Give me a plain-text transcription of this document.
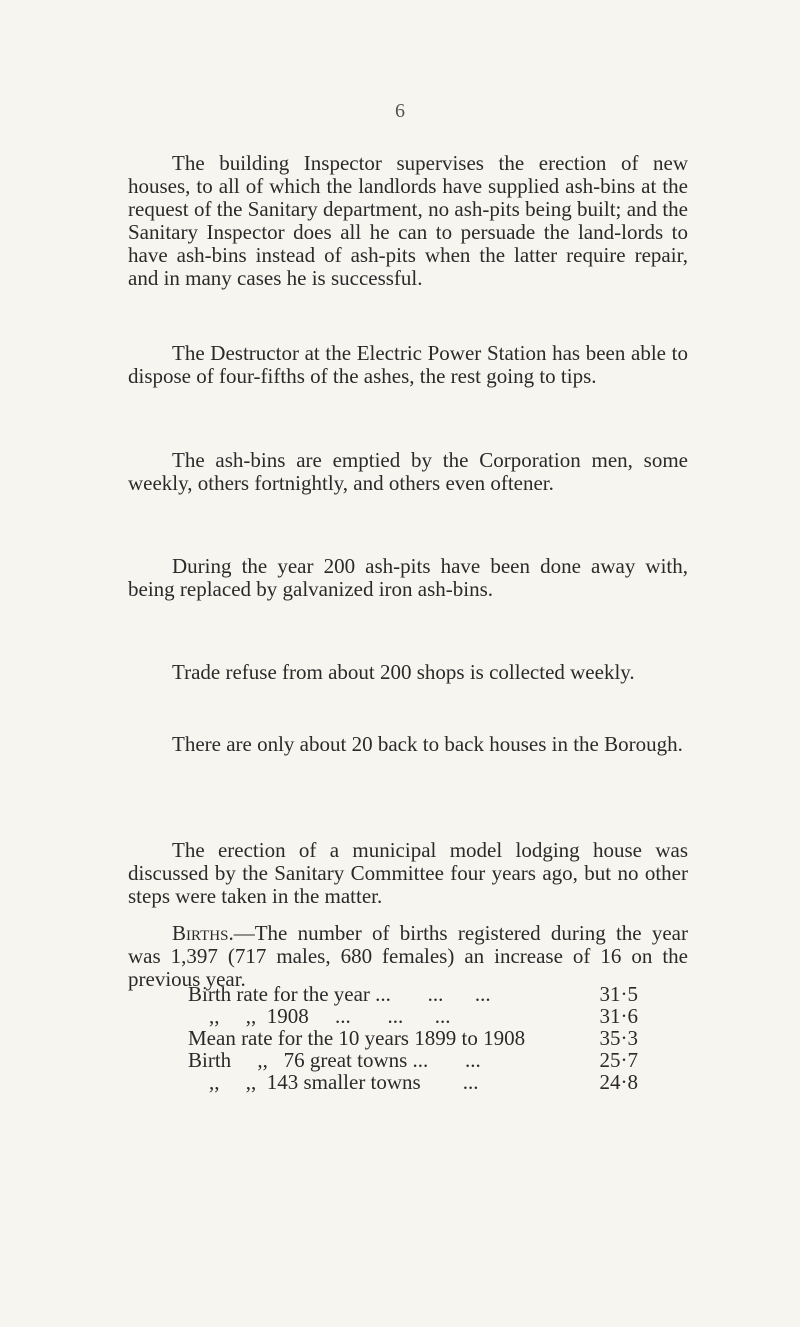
6

The building Inspector supervises the erection of new houses, to all of which the landlords have supplied ash-bins at the request of the Sanitary department, no ash-pits being built; and the Sanitary Inspector does all he can to persuade the land-lords to have ash-bins instead of ash-pits when the latter require repair, and in many cases he is successful.

The Destructor at the Electric Power Station has been able to dispose of four-fifths of the ashes, the rest going to tips.

The ash-bins are emptied by the Corporation men, some weekly, others fortnightly, and others even oftener.

During the year 200 ash-pits have been done away with, being replaced by galvanized iron ash-bins.

Trade refuse from about 200 shops is collected weekly.

There are only about 20 back to back houses in the Borough.

The erection of a municipal model lodging house was discussed by the Sanitary Committee four years ago, but no other steps were taken in the matter.

Births.—The number of births registered during the year was 1,397 (717 males, 680 females) an increase of 16 on the previous year.

Birth rate for the year ...       ...      ...	31·5
,,     ,,  1908     ...       ...      ...	31·6
Mean rate for the 10 years 1899 to 1908	35·3
Birth     ,,   76 great towns ...       ...	25·7
,,     ,,  143 smaller towns        ...	24·8
